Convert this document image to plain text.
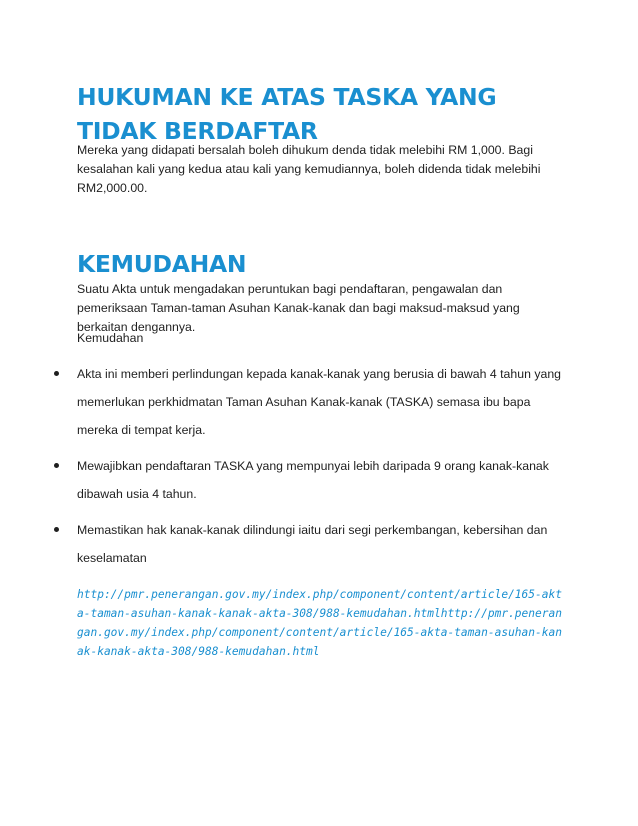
HUKUMAN KE ATAS TASKA YANG TIDAK BERDAFTAR

Mereka yang didapati bersalah boleh dihukum denda tidak melebihi RM 1,000. Bagi kesalahan kali yang kedua atau kali yang kemudiannya, boleh didenda tidak melebihi RM2,000.00.

KEMUDAHAN

Suatu Akta untuk mengadakan peruntukan bagi pendaftaran, pengawalan dan pemeriksaan Taman-taman Asuhan Kanak-kanak dan bagi maksud-maksud yang berkaitan dengannya.

Kemudahan
Akta ini memberi perlindungan kepada kanak-kanak yang berusia di bawah 4 tahun yang memerlukan perkhidmatan Taman Asuhan Kanak-kanak (TASKA) semasa ibu bapa mereka di tempat kerja.
Mewajibkan pendaftaran TASKA yang mempunyai lebih daripada 9 orang kanak-kanak dibawah usia 4 tahun.
Memastikan hak kanak-kanak dilindungi iaitu dari segi perkembangan, kebersihan dan keselamatan

http://pmr.penerangan.gov.my/index.php/component/content/article/165-akta-taman-asuhan-kanak-kanak-akta-308/988-kemudahan.htmlhttp://pmr.penerangan.gov.my/index.php/component/content/article/165-akta-taman-asuhan-kanak-kanak-akta-308/988-kemudahan.html
